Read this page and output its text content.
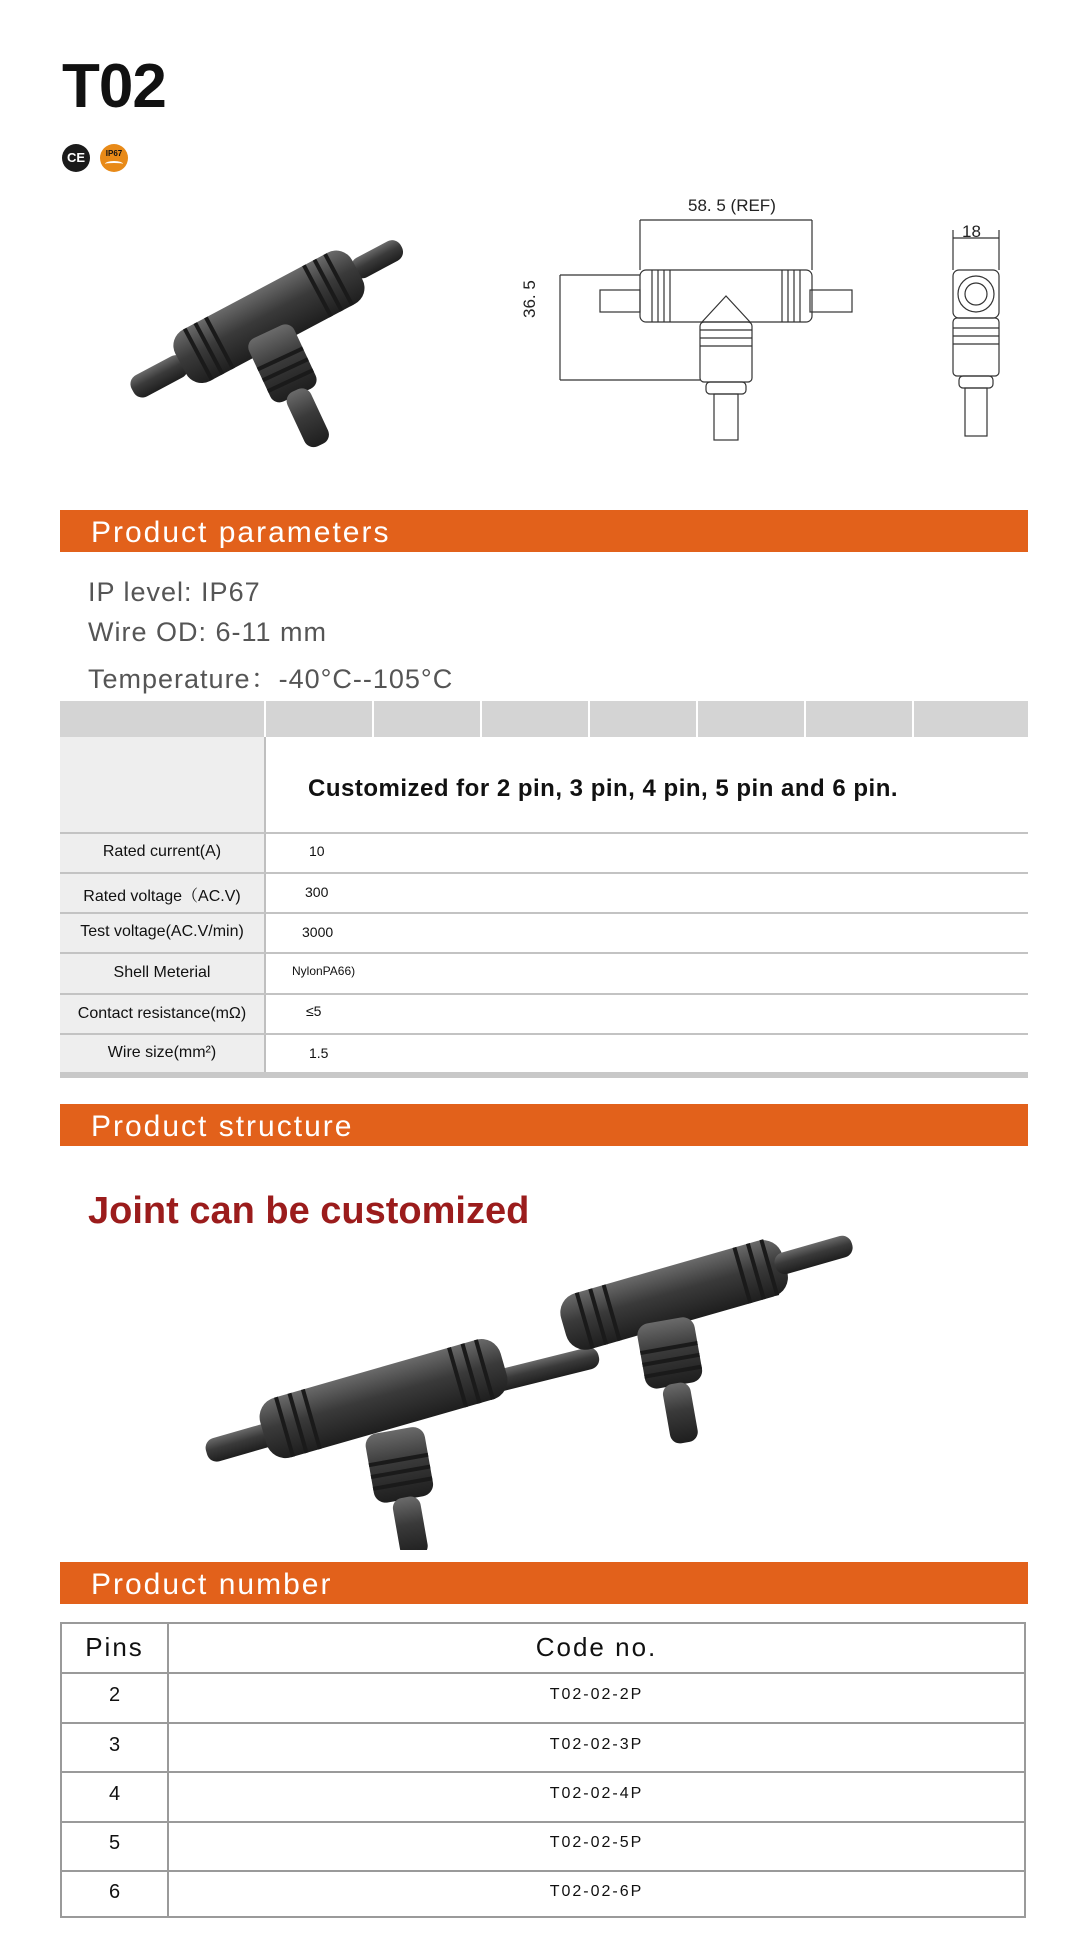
T02
CE	IP67
58. 5 (REF)
36. 5
18
Product parameters
IP level: IP67
Wire OD: 6-11 mm
Temperature：-40°C--105°C
Customized for 2 pin, 3 pin, 4 pin, 5 pin and 6 pin.
Rated current(A)	10
Rated voltage（AC.V)	300
Test voltage(AC.V/min)	3000
Shell Meterial	NylonPA66)
Contact resistance(mΩ)	≤5
Wire size(mm²)	1.5
Product structure
Joint can be customized
Product number
Pins	Code no.
2	T02-02-2P
3	T02-02-3P
4	T02-02-4P
5	T02-02-5P
6	T02-02-6P
